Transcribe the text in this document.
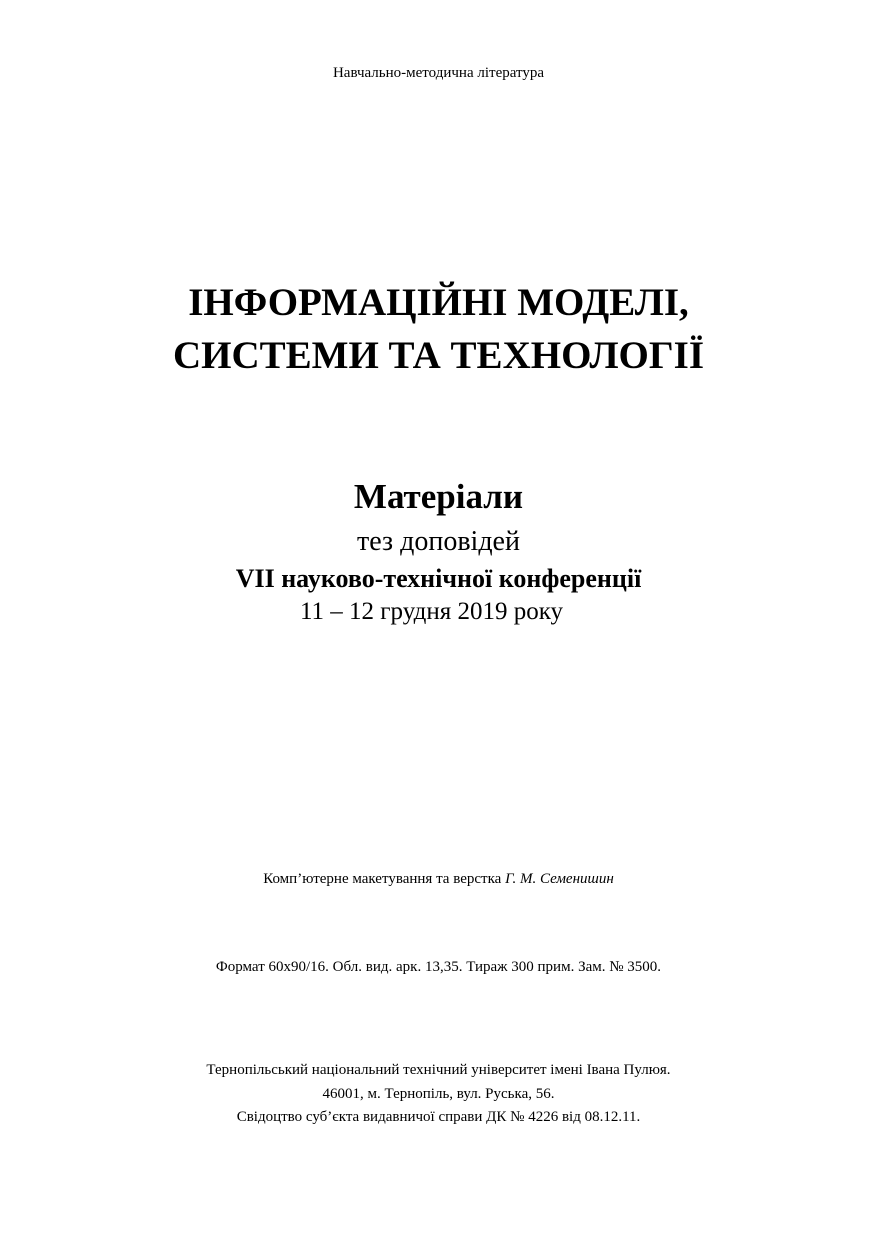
Навчально-методична література
ІНФОРМАЦІЙНІ МОДЕЛІ,
СИСТЕМИ ТА ТЕХНОЛОГІЇ
Матеріали
тез доповідей
VII науково-технічної конференції
11 – 12 грудня 2019 року
Комп’ютерне макетування та верстка Г. М. Семенишин
Формат 60х90/16. Обл. вид. арк. 13,35. Тираж 300 прим. Зам. № 3500.
Тернопільський національний технічний університет імені Івана Пулюя.
46001, м. Тернопіль, вул. Руська, 56.
Свідоцтво суб’єкта видавничої справи ДК № 4226 від 08.12.11.
